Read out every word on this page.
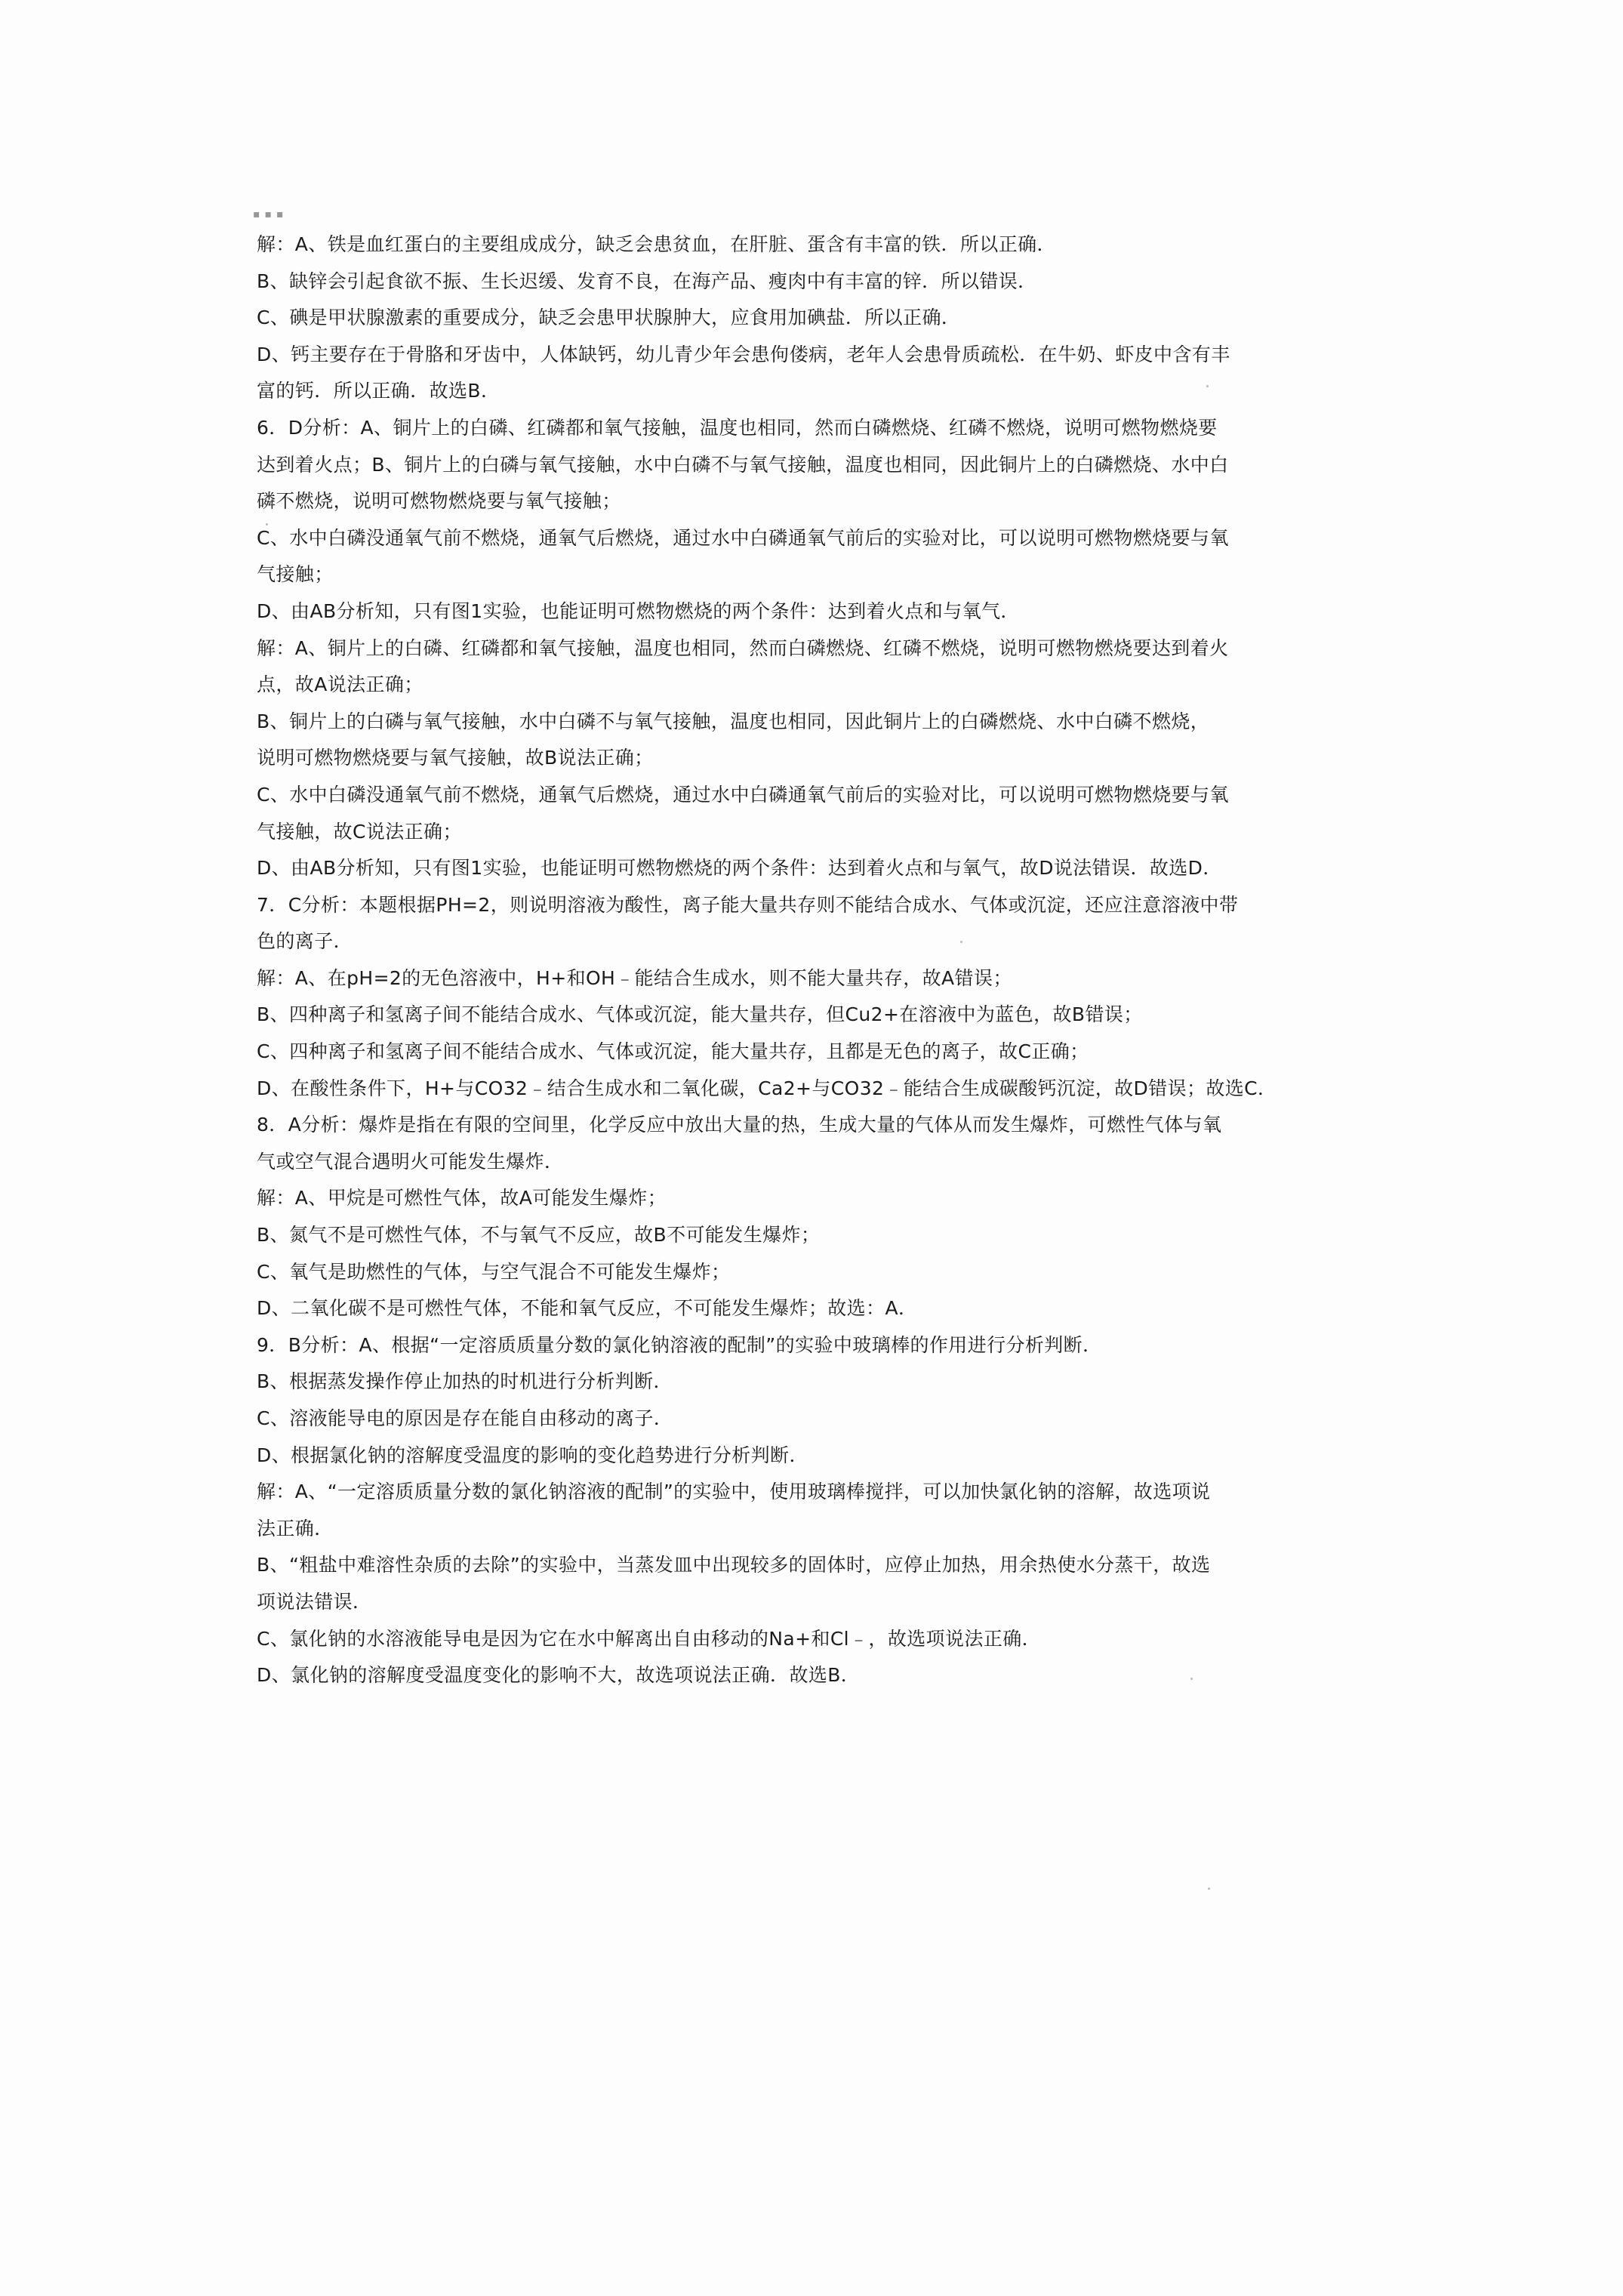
▪▪▪
解：A、铁是血红蛋白的主要组成成分，缺乏会患贫血，在肝脏、蛋含有丰富的铁．所以正确．
B、缺锌会引起食欲不振、生长迟缓、发育不良，在海产品、瘦肉中有丰富的锌．所以错误．
C、碘是甲状腺激素的重要成分，缺乏会患甲状腺肿大，应食用加碘盐．所以正确．
D、钙主要存在于骨胳和牙齿中，人体缺钙，幼儿青少年会患佝偻病，老年人会患骨质疏松．在牛奶、虾皮中含有丰
富的钙．所以正确．故选B．
6．D分析：A、铜片上的白磷、红磷都和氧气接触，温度也相同，然而白磷燃烧、红磷不燃烧，说明可燃物燃烧要
达到着火点；B、铜片上的白磷与氧气接触，水中白磷不与氧气接触，温度也相同，因此铜片上的白磷燃烧、水中白
磷不燃烧，说明可燃物燃烧要与氧气接触；
C、水中白磷没通氧气前不燃烧，通氧气后燃烧，通过水中白磷通氧气前后的实验对比，可以说明可燃物燃烧要与氧
气接触；
D、由AB分析知，只有图1实验，也能证明可燃物燃烧的两个条件：达到着火点和与氧气．
解：A、铜片上的白磷、红磷都和氧气接触，温度也相同，然而白磷燃烧、红磷不燃烧，说明可燃物燃烧要达到着火
点，故A说法正确；
B、铜片上的白磷与氧气接触，水中白磷不与氧气接触，温度也相同，因此铜片上的白磷燃烧、水中白磷不燃烧，
说明可燃物燃烧要与氧气接触，故B说法正确；
C、水中白磷没通氧气前不燃烧，通氧气后燃烧，通过水中白磷通氧气前后的实验对比，可以说明可燃物燃烧要与氧
气接触，故C说法正确；
D、由AB分析知，只有图1实验，也能证明可燃物燃烧的两个条件：达到着火点和与氧气，故D说法错误．故选D．
7．C分析：本题根据PH=2，则说明溶液为酸性，离子能大量共存则不能结合成水、气体或沉淀，还应注意溶液中带
色的离子．
解：A、在pH=2的无色溶液中，H+和OH﹣能结合生成水，则不能大量共存，故A错误；
B、四种离子和氢离子间不能结合成水、气体或沉淀，能大量共存，但Cu2+在溶液中为蓝色，故B错误；
C、四种离子和氢离子间不能结合成水、气体或沉淀，能大量共存，且都是无色的离子，故C正确；
D、在酸性条件下，H+与CO32﹣结合生成水和二氧化碳，Ca2+与CO32﹣能结合生成碳酸钙沉淀，故D错误；故选C．
8．A分析：爆炸是指在有限的空间里，化学反应中放出大量的热，生成大量的气体从而发生爆炸，可燃性气体与氧
气或空气混合遇明火可能发生爆炸．
解：A、甲烷是可燃性气体，故A可能发生爆炸；
B、氮气不是可燃性气体，不与氧气不反应，故B不可能发生爆炸；
C、氧气是助燃性的气体，与空气混合不可能发生爆炸；
D、二氧化碳不是可燃性气体，不能和氧气反应，不可能发生爆炸；故选：A．
9．B分析：A、根据“一定溶质质量分数的氯化钠溶液的配制”的实验中玻璃棒的作用进行分析判断．
B、根据蒸发操作停止加热的时机进行分析判断．
C、溶液能导电的原因是存在能自由移动的离子．
D、根据氯化钠的溶解度受温度的影响的变化趋势进行分析判断．
解：A、“一定溶质质量分数的氯化钠溶液的配制”的实验中，使用玻璃棒搅拌，可以加快氯化钠的溶解，故选项说
法正确．
B、“粗盐中难溶性杂质的去除”的实验中，当蒸发皿中出现较多的固体时，应停止加热，用余热使水分蒸干，故选
项说法错误．
C、氯化钠的水溶液能导电是因为它在水中解离出自由移动的Na+和Cl﹣，故选项说法正确．
D、氯化钠的溶解度受温度变化的影响不大，故选项说法正确．故选B．
